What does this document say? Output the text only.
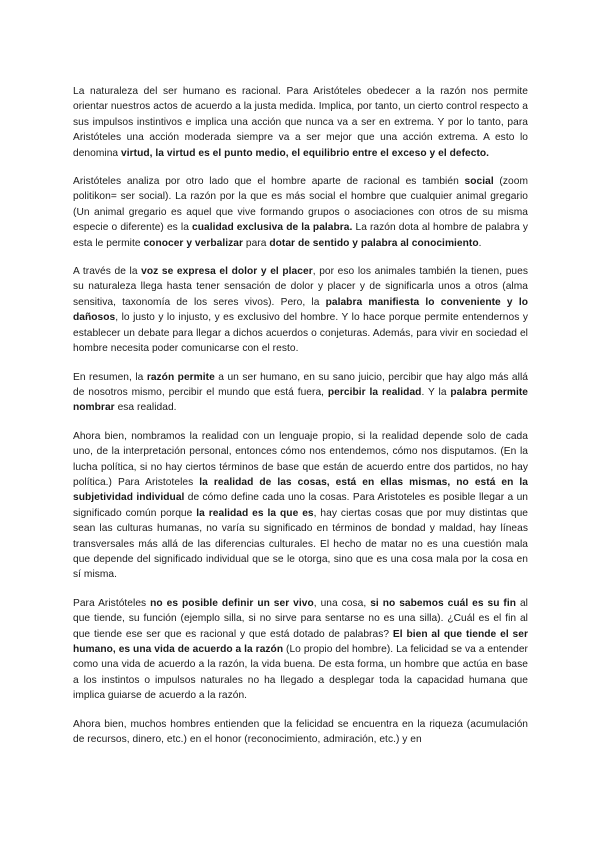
La naturaleza del ser humano es racional. Para Aristóteles obedecer a la razón nos permite orientar nuestros actos de acuerdo a la justa medida. Implica, por tanto, un cierto control respecto a sus impulsos instintivos e implica una acción que nunca va a ser en extrema. Y por lo tanto, para Aristóteles una acción moderada siempre va a ser mejor que una acción extrema. A esto lo denomina virtud, la virtud es el punto medio, el equilibrio entre el exceso y el defecto.

Aristóteles analiza por otro lado que el hombre aparte de racional es también social (zoom politikon= ser social). La razón por la que es más social el hombre que cualquier animal gregario (Un animal gregario es aquel que vive formando grupos o asociaciones con otros de su misma especie o diferente) es la cualidad exclusiva de la palabra. La razón dota al hombre de palabra y esta le permite conocer y verbalizar para dotar de sentido y palabra al conocimiento.

A través de la voz se expresa el dolor y el placer, por eso los animales también la tienen, pues su naturaleza llega hasta tener sensación de dolor y placer y de significarla unos a otros (alma sensitiva, taxonomía de los seres vivos). Pero, la palabra manifiesta lo conveniente y lo dañosos, lo justo y lo injusto, y es exclusivo del hombre. Y lo hace porque permite entendernos y establecer un debate para llegar a dichos acuerdos o conjeturas. Además, para vivir en sociedad el hombre necesita poder comunicarse con el resto.

En resumen, la razón permite a un ser humano, en su sano juicio, percibir que hay algo más allá de nosotros mismo, percibir el mundo que está fuera, percibir la realidad. Y la palabra permite nombrar esa realidad.

Ahora bien, nombramos la realidad con un lenguaje propio, si la realidad depende solo de cada uno, de la interpretación personal, entonces cómo nos entendemos, cómo nos disputamos. (En la lucha política, si no hay ciertos términos de base que están de acuerdo entre dos partidos, no hay política.) Para Aristoteles la realidad de las cosas, está en ellas mismas, no está en la subjetividad individual de cómo define cada uno la cosas. Para Aristoteles es posible llegar a un significado común porque la realidad es la que es, hay ciertas cosas que por muy distintas que sean las culturas humanas, no varía su significado en términos de bondad y maldad, hay líneas transversales más allá de las diferencias culturales. El hecho de matar no es una cuestión mala que depende del significado individual que se le otorga, sino que es una cosa mala por la cosa en sí misma.

Para Aristóteles no es posible definir un ser vivo, una cosa, si no sabemos cuál es su fin al que tiende, su función (ejemplo silla, si no sirve para sentarse no es una silla). ¿Cuál es el fin al que tiende ese ser que es racional y que está dotado de palabras? El bien al que tiende el ser humano, es una vida de acuerdo a la razón (Lo propio del hombre). La felicidad se va a entender como una vida de acuerdo a la razón, la vida buena. De esta forma, un hombre que actúa en base a los instintos o impulsos naturales no ha llegado a desplegar toda la capacidad humana que implica guiarse de acuerdo a la razón.

Ahora bien, muchos hombres entienden que la felicidad se encuentra en la riqueza (acumulación de recursos, dinero, etc.) en el honor (reconocimiento, admiración, etc.) y en
